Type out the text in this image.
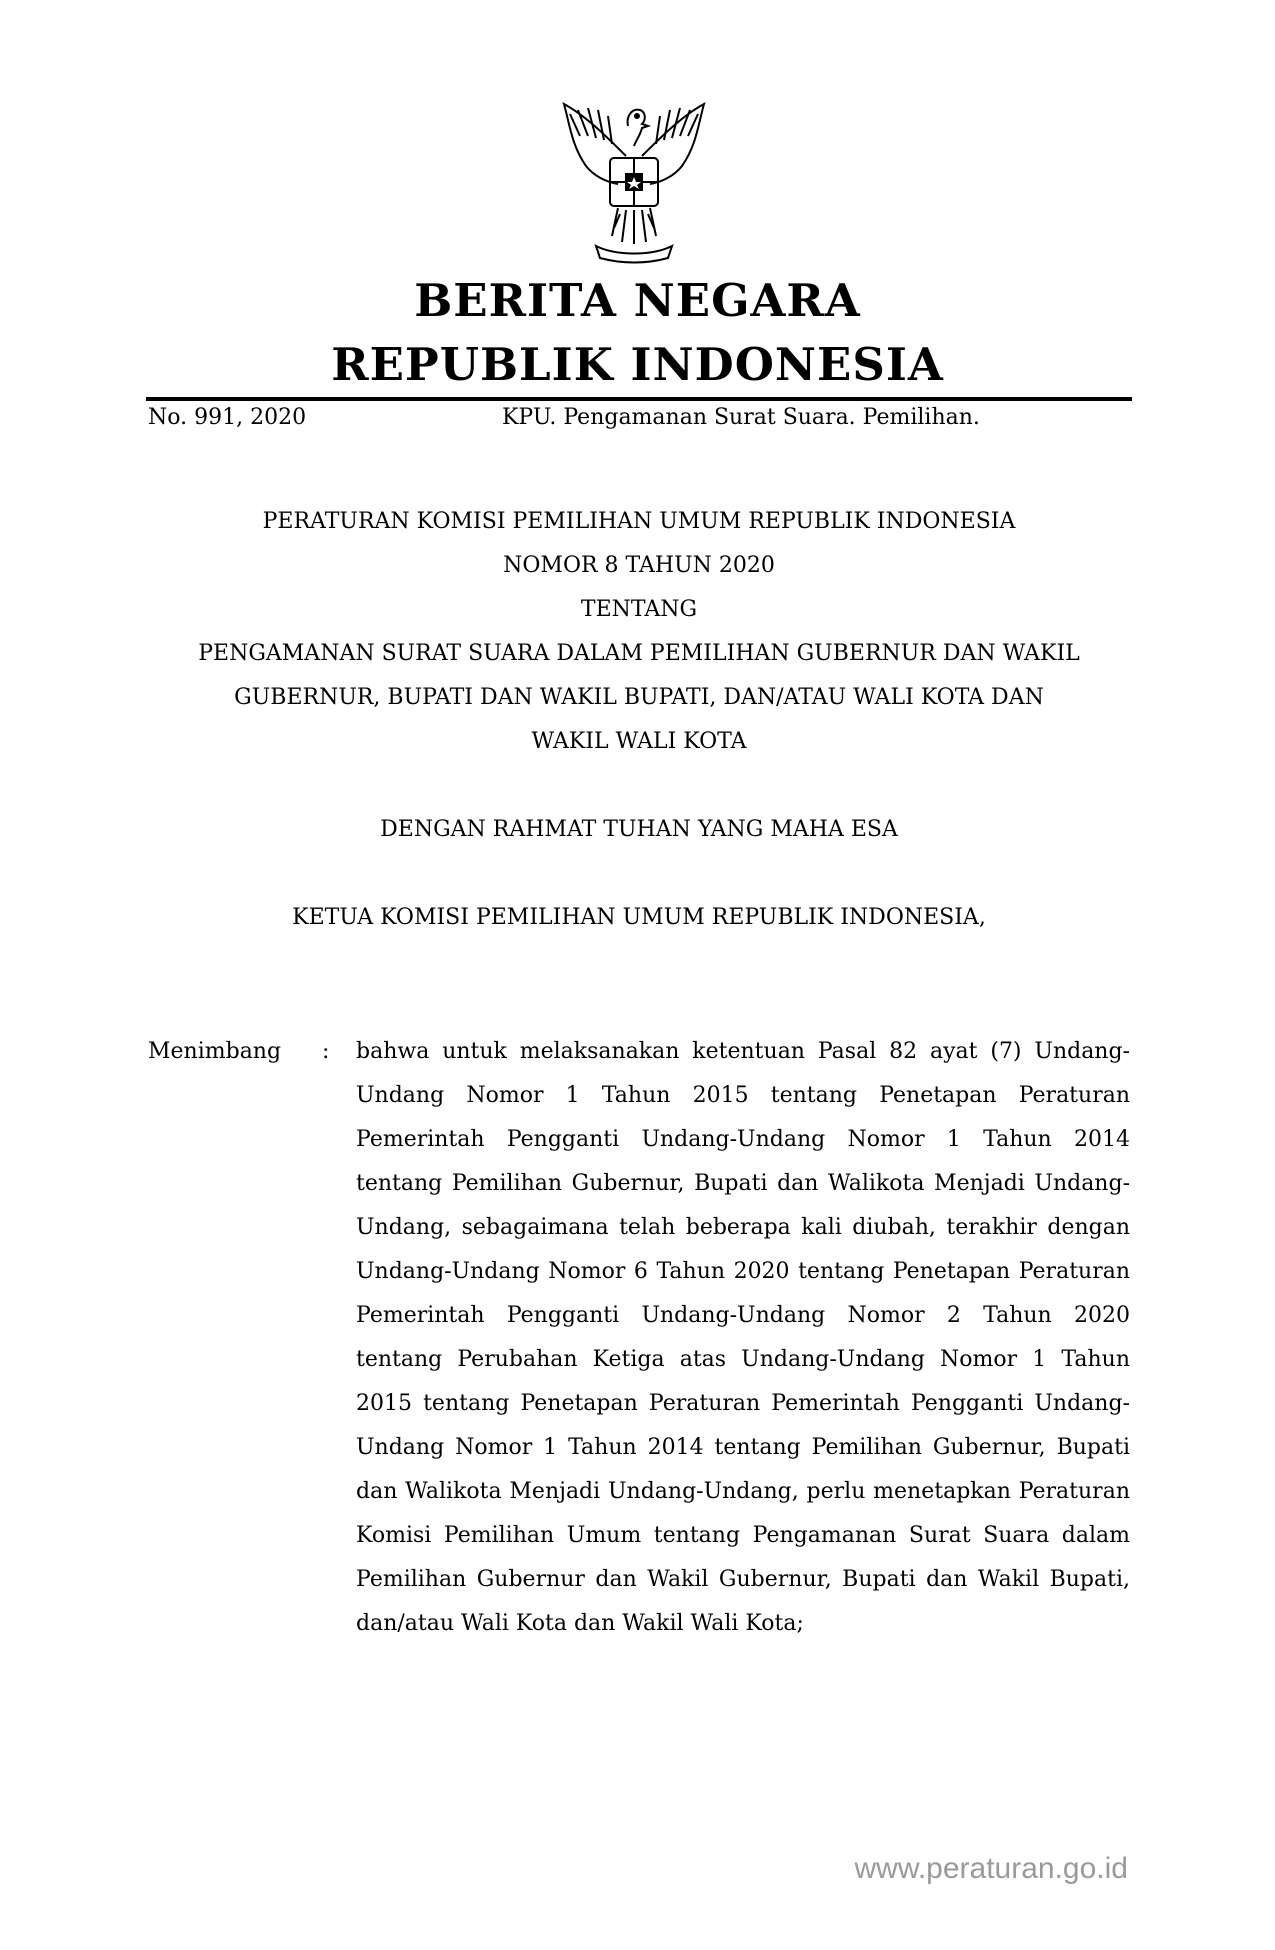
BERITA NEGARA
REPUBLIK INDONESIA
No. 991, 2020	KPU. Pengamanan Surat Suara. Pemilihan.
PERATURAN KOMISI PEMILIHAN UMUM REPUBLIK INDONESIA
NOMOR 8 TAHUN 2020
TENTANG
PENGAMANAN SURAT SUARA DALAM PEMILIHAN GUBERNUR DAN WAKIL
GUBERNUR, BUPATI DAN WAKIL BUPATI, DAN/ATAU WALI KOTA DAN
WAKIL WALI KOTA
DENGAN RAHMAT TUHAN YANG MAHA ESA
KETUA KOMISI PEMILIHAN UMUM REPUBLIK INDONESIA,
Menimbang : bahwa untuk melaksanakan ketentuan Pasal 82 ayat (7) Undang-Undang Nomor 1 Tahun 2015 tentang Penetapan Peraturan Pemerintah Pengganti Undang-Undang Nomor 1 Tahun 2014 tentang Pemilihan Gubernur, Bupati dan Walikota Menjadi Undang-Undang, sebagaimana telah beberapa kali diubah, terakhir dengan Undang-Undang Nomor 6 Tahun 2020 tentang Penetapan Peraturan Pemerintah Pengganti Undang-Undang Nomor 2 Tahun 2020 tentang Perubahan Ketiga atas Undang-Undang Nomor 1 Tahun 2015 tentang Penetapan Peraturan Pemerintah Pengganti Undang-Undang Nomor 1 Tahun 2014 tentang Pemilihan Gubernur, Bupati dan Walikota Menjadi Undang-Undang, perlu menetapkan Peraturan Komisi Pemilihan Umum tentang Pengamanan Surat Suara dalam Pemilihan Gubernur dan Wakil Gubernur, Bupati dan Wakil Bupati, dan/atau Wali Kota dan Wakil Wali Kota;
www.peraturan.go.id
